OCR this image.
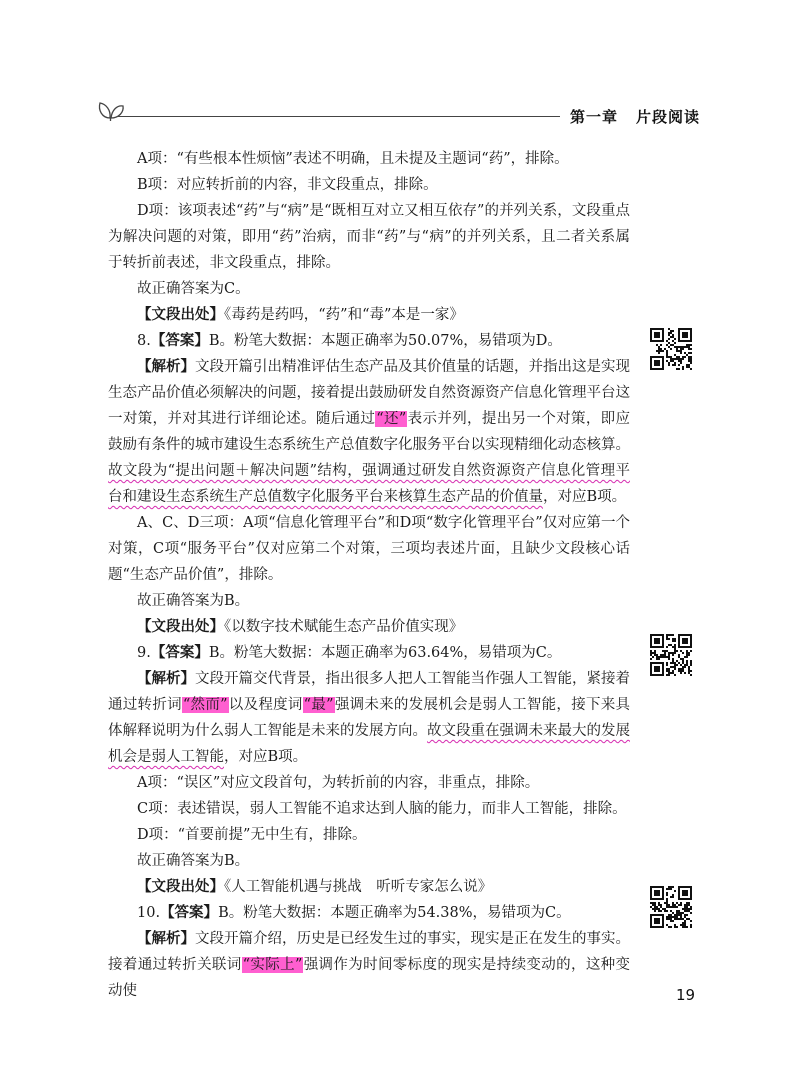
第一章 片段阅读

A项：“有些根本性烦恼”表述不明确，且未提及主题词“药”，排除。

B项：对应转折前的内容，非文段重点，排除。

D项：该项表述“药”与“病”是“既相互对立又相互依存”的并列关系，文段重点为解决问题的对策，即用“药”治病，而非“药”与“病”的并列关系，且二者关系属于转折前表述，非文段重点，排除。

故正确答案为C。

【文段出处】《毒药是药吗，“药”和“毒”本是一家》

8.【答案】B。粉笔大数据：本题正确率为50.07%，易错项为D。

【解析】文段开篇引出精准评估生态产品及其价值量的话题，并指出这是实现生态产品价值必须解决的问题，接着提出鼓励研发自然资源资产信息化管理平台这一对策，并对其进行详细论述。随后通过“还”表示并列，提出另一个对策，即应鼓励有条件的城市建设生态系统生产总值数字化服务平台以实现精细化动态核算。故文段为“提出问题＋解决问题”结构，强调通过研发自然资源资产信息化管理平台和建设生态系统生产总值数字化服务平台来核算生态产品的价值量，对应B项。

A、C、D三项：A项“信息化管理平台”和D项“数字化管理平台”仅对应第一个对策，C项“服务平台”仅对应第二个对策，三项均表述片面，且缺少文段核心话题“生态产品价值”，排除。

故正确答案为B。

【文段出处】《以数字技术赋能生态产品价值实现》

9.【答案】B。粉笔大数据：本题正确率为63.64%，易错项为C。

【解析】文段开篇交代背景，指出很多人把人工智能当作强人工智能，紧接着通过转折词“然而”以及程度词“最”强调未来的发展机会是弱人工智能，接下来具体解释说明为什么弱人工智能是未来的发展方向。故文段重在强调未来最大的发展机会是弱人工智能，对应B项。

A项：“误区”对应文段首句，为转折前的内容，非重点，排除。

C项：表述错误，弱人工智能不追求达到人脑的能力，而非人工智能，排除。

D项：“首要前提”无中生有，排除。

故正确答案为B。

【文段出处】《人工智能机遇与挑战　听听专家怎么说》

10.【答案】B。粉笔大数据：本题正确率为54.38%，易错项为C。

【解析】文段开篇介绍，历史是已经发生过的事实，现实是正在发生的事实。接着通过转折关联词“实际上”强调作为时间零标度的现实是持续变动的，这种变动使	19
